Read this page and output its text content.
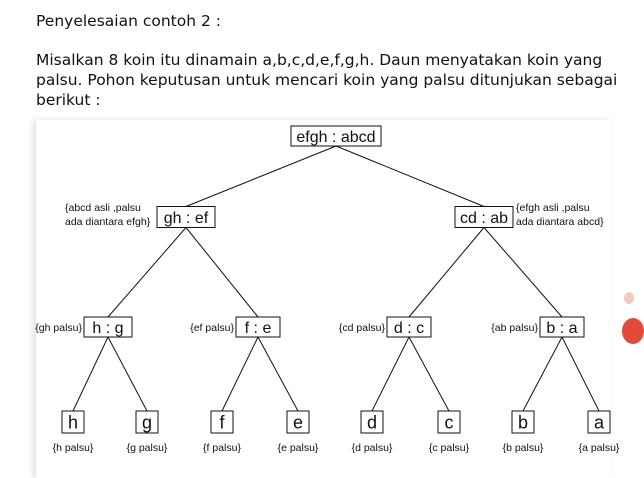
Penyelesaian contoh 2 :
Misalkan 8 koin itu dinamain a,b,c,d,e,f,g,h. Daun menyatakan koin yang palsu. Pohon keputusan untuk mencari koin yang palsu ditunjukan sebagai berikut :
efgh : abcd
gh : ef	cd : ab
h : g	f : e	d : c	b : a
h	g	f	e	d	c	b	a
{abcd asli ,palsu
ada diantara efgh}
{efgh asli ,palsu
ada diantara abcd}
{gh palsu}	{ef palsu}	{cd palsu}	{ab palsu}
{h palsu}	{g palsu}	{f palsu}	{e palsu}	{d palsu}	{c palsu}	{b palsu}	{a palsu}
